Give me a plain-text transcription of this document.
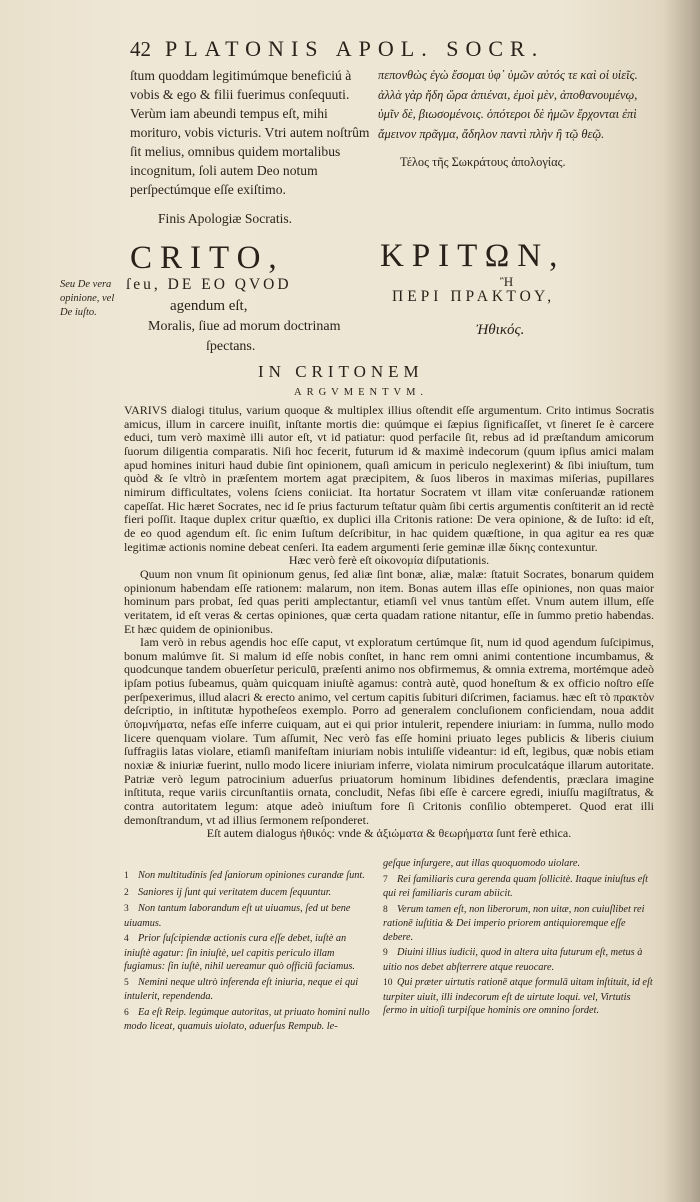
42 PLATONIS APOL. SOCR.

ſtum quoddam legitimúmque beneficiú à vobis & ego & filii fuerimus conſequuti. Verùm iam abeundi tempus eſt, mihi morituro, vobis victuris. Vtri autem noſtrûm ſit melius, omnibus quidem mortalibus incognitum, ſoli autem Deo notum perſpectúmque eſſe exiſtimo.

Finis Apologiæ Socratis.

πεπονθὼς ἐγὼ ἔσομαι ὑφ᾽ ὑμῶν αὐτός τε καὶ οἱ υἱεῖς. ἀλλὰ γὰρ ἤδη ὥρα ἀπιέναι, ἐμοὶ μὲν, ἀποθανουμένῳ, ὑμῖν δὲ, βιωσομένοις. ὁπότεροι δὲ ἡμῶν ἔρχονται ἐπὶ ἄμεινον πρᾶγμα, ἄδηλον παντὶ πλὴν ἢ τῷ θεῷ.

Τέλος τῆς Σωκράτους ἀπολογίας.

Seu De vera opinione, vel De iuſto.
CRITO,
ſeu, DE EO QVOD
agendum eſt,
Moralis, ſiue ad morum doctrinam
ſpectans.
ΚΡΙΤΩΝ,
Ἢ
ΠΕΡΙ ΠΡΑΚΤΟΥ,
Ἠθικός.
IN CRITONEM
ARGVMENTVM.

VARIVS dialogi titulus, varium quoque & multiplex illius oſtendit eſſe argumentum. Crito intimus Socratis amicus, illum in carcere inuiſit, inſtante mortis die: quúmque ei ſæpius ſignificaſſet, vt ſineret ſe è carcere educi, tum verò maximè illi autor eſt, vt id patiatur: quod perfacile ſit, rebus ad id præſtandum amicorum ſuorum diligentia comparatis. Niſi hoc fecerit, futurum id & maximè indecorum (quum ipſius amici malam apud homines inituri haud dubie ſint opinionem, quaſi amicum in periculo neglexerint) & ſibi iniuſtum, tum quòd & ſe vltrò in præſentem mortem agat præcipitem, & ſuos liberos in maximas miſerias, pupillares nimirum difficultates, volens ſciens coniiciat. Ita hortatur Socratem vt illam vitæ conſeruandæ rationem capeſſat. Hic hæret Socrates, nec id ſe prius facturum teſtatur quàm ſibi certis argumentis conſtiterit an id rectè fieri poſſit. Itaque duplex critur quæſtio, ex duplici illa Critonis ratione: De vera opinione, & de Iuſto: id eſt, de eo quod agendum eſt. ſic enim Iuſtum deſcribitur, in hac quidem quæſtione, in qua agitur ea res quæ legitimæ actionis nomine debeat cenſeri. Ita eadem argumenti ſerie geminæ illæ δίκης contexuntur.

Hæc verò ferè eſt οἰκονομία diſputationis.

Quum non vnum ſit opinionum genus, ſed aliæ ſint bonæ, aliæ, malæ: ſtatuit Socrates, bonarum quidem opinionum habendam eſſe rationem: malarum, non item. Bonas autem illas eſſe opiniones, non quas maior hominum pars probat, ſed quas periti amplectantur, etiamſi vel vnus tantùm eſſet. Vnum autem illum, eſſe veritatem, id eſt veras & certas opiniones, quæ certa quadam ratione nitantur, eſſe in ſummo pretio habendas. Et hæc quidem de opinionibus.

Iam verò in rebus agendis hoc eſſe caput, vt exploratum certúmque ſit, num id quod agendum ſuſcipimus, bonum malúmve ſit. Si malum id eſſe nobis conſtet, in hanc rem omni animi contentione incumbamus, & quodcunque tandem obuerſetur periculū, præſenti animo nos obfirmemus, & omnia extrema, mortémque adeò ipſam potius ſubeamus, quàm quicquam iniuſtè agamus: contrà autè, quod honeſtum & ex officio noſtro eſſe perſpexerimus, illud alacri & erecto animo, vel certum capitis ſubituri diſcrimen, faciamus. hæc eſt τὸ πρακτὸν deſcriptio, in inſtitutæ hypotheſeos exemplo. Porro ad generalem concluſionem conficiendam, noua addit ὑπομνήματα, nefas eſſe inferre cuiquam, aut ei qui prior intulerit, rependere iniuriam: in ſumma, nullo modo licere quenquam violare. Tum aſſumit, Nec verò fas eſſe homini priuato leges publicis & liberis ciuium ſuffragiis latas violare, etiamſi manifeſtam iniuriam nobis intuliſſe videantur: id eſt, legibus, quæ nobis etiam noxiæ & iniuriæ fuerint, nullo modo licere iniuriam inferre, violata nimirum proculcatáque illarum autoritate. Patriæ verò legum patrocinium aduerſus priuatorum hominum libidines defendentis, præclara imagine inſtituta, reque variis circunſtantiis ornata, concludit, Nefas ſibi eſſe è carcere egredi, iniuſſu magiſtratus, & contra autoritatem legum: atque adeò iniuſtum fore ſi Critonis conſilio obtemperet. Quod erat illi demonſtrandum, vt ad illius ſermonem reſponderet.

Eſt autem dialogus ἠθικός: vnde & ἀξιώματα & θεωρήματα ſunt ferè ethica.

1 Non multitudinis ſed ſaniorum opiniones curandæ ſunt.

2 Saniores ij ſunt qui veritatem ducem ſequuntur.

3 Non tantum laborandum eſt ut uiuamus, ſed ut bene uiuamus.

4 Prior ſuſcipiendæ actionis cura eſſe debet, iuſtè an iniuſtè agatur: ſin iniuſtè, uel capitis periculo illam fugiamus: ſin iuſtè, nihil uereamur quò officiū faciamus.

5 Nemini neque ultrò inferenda eſt iniuria, neque ei qui intulerit, rependenda.

6 Ea eſt Reip. legúmque autoritas, ut priuato homini nullo modo liceat, quamuis uiolato, aduerſus Rempub. le-

geſque inſurgere, aut illas quoquomodo uiolare.

7 Rei familiaris cura gerenda quam ſollicitè. Itaque iniuſtus eſt qui rei familiaris curam abiicit.

8 Verum tamen eſt, non liberorum, non uitæ, non cuiuſlibet rei rationē iuſtitia & Dei imperio priorem antiquioremque eſſe debere.

9 Diuini illius iudicii, quod in altera uita futurum eſt, metus à uitio nos debet abſterrere atque reuocare.

10 Qui præter uirtutis rationē atque formulā uitam inſtituit, id eſt turpiter uiuit, illi indecorum eſt de uirtute loqui. vel, Virtutis ſermo in uitioſi turpiſque hominis ore omnino ſordet.
